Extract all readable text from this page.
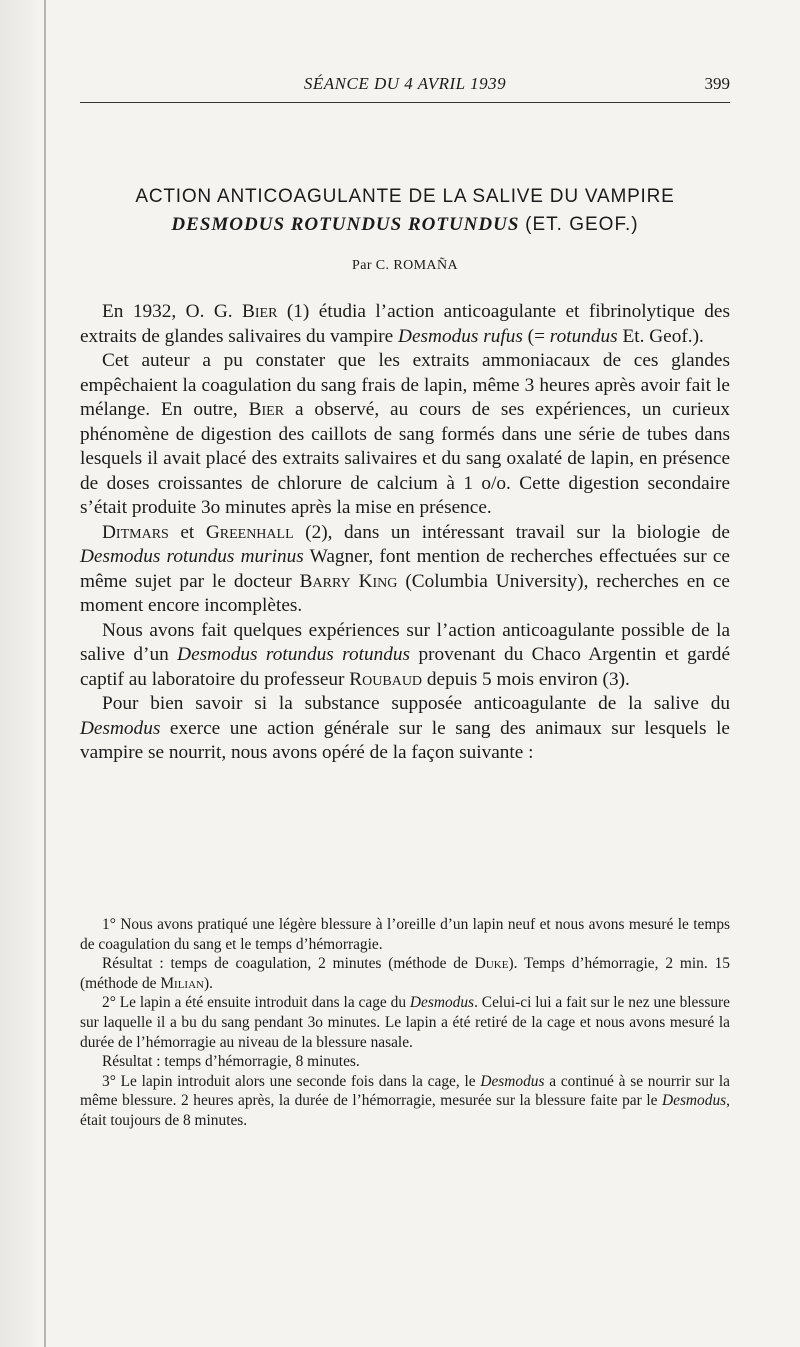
SÉANCE DU 4 AVRIL 1939	399
ACTION ANTICOAGULANTE DE LA SALIVE DU VAMPIRE
DESMODUS ROTUNDUS ROTUNDUS (ET. GEOF.)
Par C. ROMAÑA

En 1932, O. G. Bier (1) étudia l’action anticoagulante et fibrinolytique des extraits de glandes salivaires du vampire Desmodus rufus (= rotundus Et. Geof.).

Cet auteur a pu constater que les extraits ammoniacaux de ces glandes empêchaient la coagulation du sang frais de lapin, même 3 heures après avoir fait le mélange. En outre, Bier a observé, au cours de ses expériences, un curieux phénomène de digestion des caillots de sang formés dans une série de tubes dans lesquels il avait placé des extraits salivaires et du sang oxalaté de lapin, en présence de doses croissantes de chlorure de calcium à 1 o/o. Cette digestion secondaire s’était produite 3o minutes après la mise en présence.

Ditmars et Greenhall (2), dans un intéressant travail sur la biologie de Desmodus rotundus murinus Wagner, font mention de recherches effectuées sur ce même sujet par le docteur Barry King (Columbia University), recherches en ce moment encore incomplètes.

Nous avons fait quelques expériences sur l’action anticoagulante possible de la salive d’un Desmodus rotundus rotundus provenant du Chaco Argentin et gardé captif au laboratoire du professeur Roubaud depuis 5 mois environ (3).

Pour bien savoir si la substance supposée anticoagulante de la salive du Desmodus exerce une action générale sur le sang des animaux sur lesquels le vampire se nourrit, nous avons opéré de la façon suivante :

1° Nous avons pratiqué une légère blessure à l’oreille d’un lapin neuf et nous avons mesuré le temps de coagulation du sang et le temps d’hémorragie.

Résultat : temps de coagulation, 2 minutes (méthode de Duke). Temps d’hémorragie, 2 min. 15 (méthode de Milian).

2° Le lapin a été ensuite introduit dans la cage du Desmodus. Celui-ci lui a fait sur le nez une blessure sur laquelle il a bu du sang pendant 3o minutes. Le lapin a été retiré de la cage et nous avons mesuré la durée de l’hémorragie au niveau de la blessure nasale.

Résultat : temps d’hémorragie, 8 minutes.

3° Le lapin introduit alors une seconde fois dans la cage, le Desmodus a continué à se nourrir sur la même blessure. 2 heures après, la durée de l’hémorragie, mesurée sur la blessure faite par le Desmodus, était toujours de 8 minutes.
